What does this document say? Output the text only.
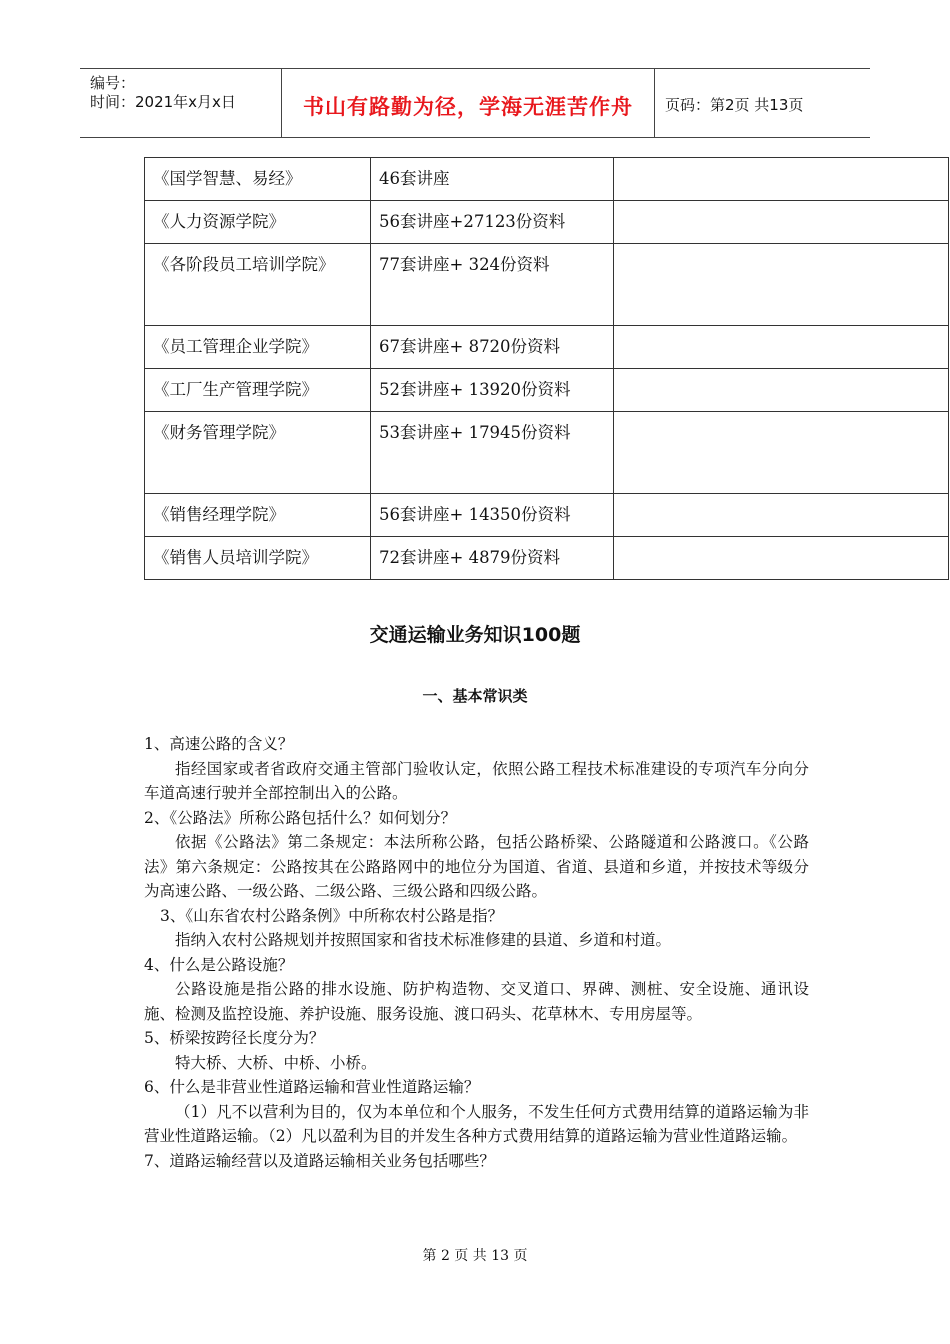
编号：
时间：2021年x月x日	书山有路勤为径，学海无涯苦作舟	页码：第2页 共13页
《国学智慧、易经》	46套讲座	

《人力资源学院》	56套讲座+27123份资料	

《各阶段员工培训学院》	77套讲座+ 324份资料	

《员工管理企业学院》	67套讲座+ 8720份资料	

《工厂生产管理学院》	52套讲座+ 13920份资料	

《财务管理学院》	53套讲座+ 17945份资料	

《销售经理学院》	56套讲座+ 14350份资料	

《销售人员培训学院》	72套讲座+ 4879份资料	

交通运输业务知识100题
一、基本常识类

1、高速公路的含义？

指经国家或者省政府交通主管部门验收认定，依照公路工程技术标准建设的专项汽车分向分车道高速行驶并全部控制出入的公路。

2、《公路法》所称公路包括什么？如何划分？

依据《公路法》第二条规定：本法所称公路，包括公路桥梁、公路隧道和公路渡口。《公路法》第六条规定：公路按其在公路路网中的地位分为国道、省道、县道和乡道，并按技术等级分为高速公路、一级公路、二级公路、三级公路和四级公路。

3、《山东省农村公路条例》中所称农村公路是指？

指纳入农村公路规划并按照国家和省技术标准修建的县道、乡道和村道。

4、什么是公路设施？

公路设施是指公路的排水设施、防护构造物、交叉道口、界碑、测桩、安全设施、通讯设施、检测及监控设施、养护设施、服务设施、渡口码头、花草林木、专用房屋等。

5、桥梁按跨径长度分为？

特大桥、大桥、中桥、小桥。

6、什么是非营业性道路运输和营业性道路运输？

（1）凡不以营利为目的，仅为本单位和个人服务，不发生任何方式费用结算的道路运输为非营业性道路运输。（2）凡以盈利为目的并发生各种方式费用结算的道路运输为营业性道路运输。

7、道路运输经营以及道路运输相关业务包括哪些？

第 2 页 共 13 页
